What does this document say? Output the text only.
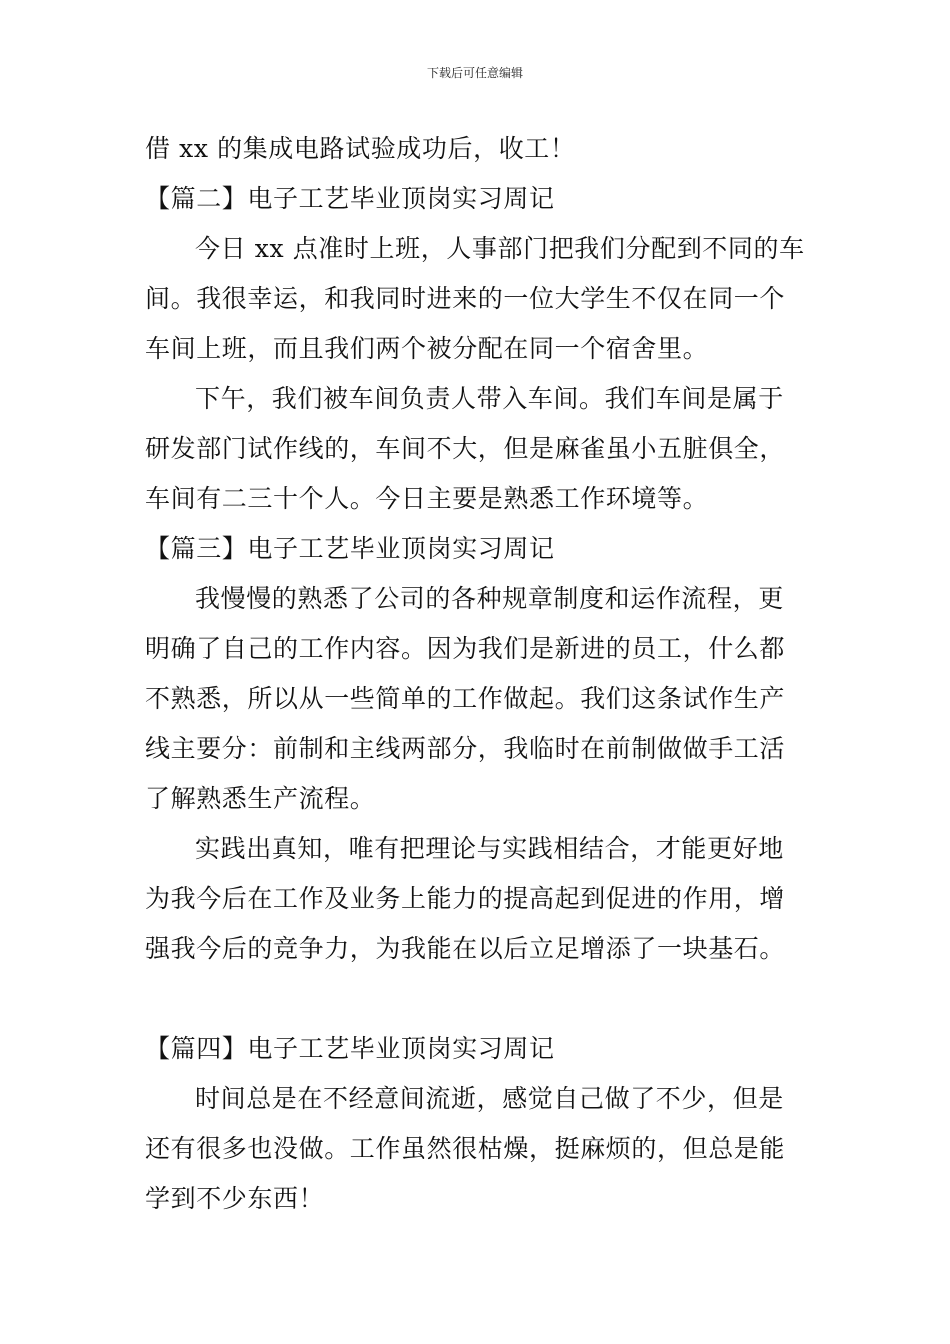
下载后可任意编辑
借 xx 的集成电路试验成功后，收工！
【篇二】电子工艺毕业顶岗实习周记
今日 xx 点准时上班，人事部门把我们分配到不同的车
间。我很幸运，和我同时进来的一位大学生不仅在同一个
车间上班，而且我们两个被分配在同一个宿舍里。
下午，我们被车间负责人带入车间。我们车间是属于
研发部门试作线的，车间不大，但是麻雀虽小五脏俱全，
车间有二三十个人。今日主要是熟悉工作环境等。
【篇三】电子工艺毕业顶岗实习周记
我慢慢的熟悉了公司的各种规章制度和运作流程，更
明确了自己的工作内容。因为我们是新进的员工，什么都
不熟悉，所以从一些简单的工作做起。我们这条试作生产
线主要分：前制和主线两部分，我临时在前制做做手工活
了解熟悉生产流程。
实践出真知，唯有把理论与实践相结合，才能更好地
为我今后在工作及业务上能力的提高起到促进的作用，增
强我今后的竞争力，为我能在以后立足增添了一块基石。
【篇四】电子工艺毕业顶岗实习周记
时间总是在不经意间流逝，感觉自己做了不少，但是
还有很多也没做。工作虽然很枯燥，挺麻烦的，但总是能
学到不少东西！
